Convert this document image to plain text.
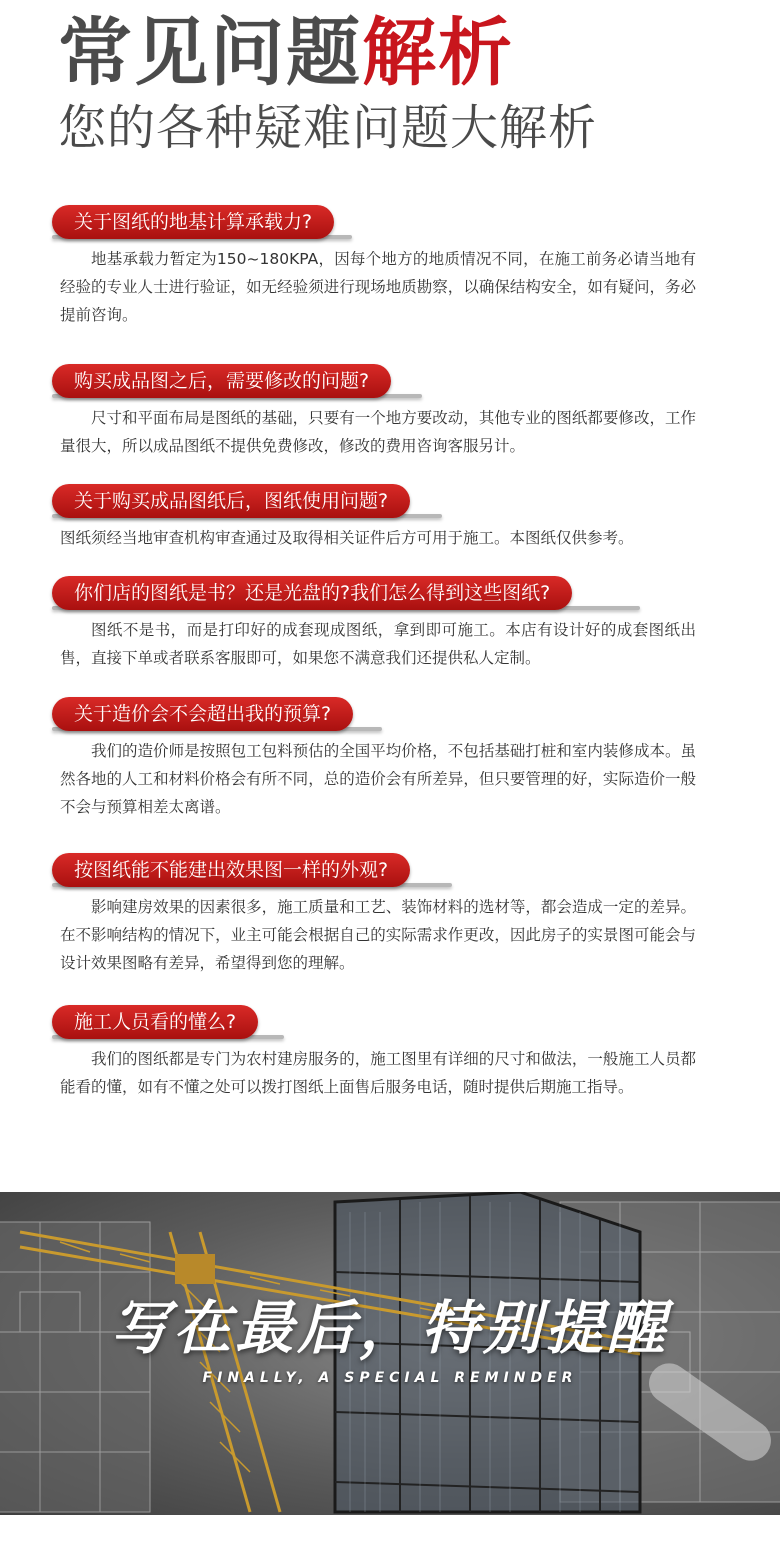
常见问题解析
您的各种疑难问题大解析
关于图纸的地基计算承载力?

地基承载力暂定为150~180KPA，因每个地方的地质情况不同，在施工前务必请当地有经验的专业人士进行验证，如无经验须进行现场地质勘察，以确保结构安全，如有疑问，务必提前咨询。

购买成品图之后，需要修改的问题?

尺寸和平面布局是图纸的基础，只要有一个地方要改动，其他专业的图纸都要修改，工作量很大，所以成品图纸不提供免费修改，修改的费用咨询客服另计。

关于购买成品图纸后，图纸使用问题?

图纸须经当地审查机构审查通过及取得相关证件后方可用于施工。本图纸仅供参考。

你们店的图纸是书？还是光盘的?我们怎么得到这些图纸?

图纸不是书，而是打印好的成套现成图纸，拿到即可施工。本店有设计好的成套图纸出售，直接下单或者联系客服即可，如果您不满意我们还提供私人定制。

关于造价会不会超出我的预算?

我们的造价师是按照包工包料预估的全国平均价格，不包括基础打桩和室内装修成本。虽然各地的人工和材料价格会有所不同，总的造价会有所差异，但只要管理的好，实际造价一般不会与预算相差太离谱。

按图纸能不能建出效果图一样的外观?

影响建房效果的因素很多，施工质量和工艺、装饰材料的选材等，都会造成一定的差异。在不影响结构的情况下，业主可能会根据自己的实际需求作更改，因此房子的实景图可能会与设计效果图略有差异，希望得到您的理解。

施工人员看的懂么?

我们的图纸都是专门为农村建房服务的，施工图里有详细的尺寸和做法，一般施工人员都能看的懂，如有不懂之处可以拨打图纸上面售后服务电话，随时提供后期施工指导。

写在最后，特别提醒

FINALLY, A SPECIAL REMINDER
